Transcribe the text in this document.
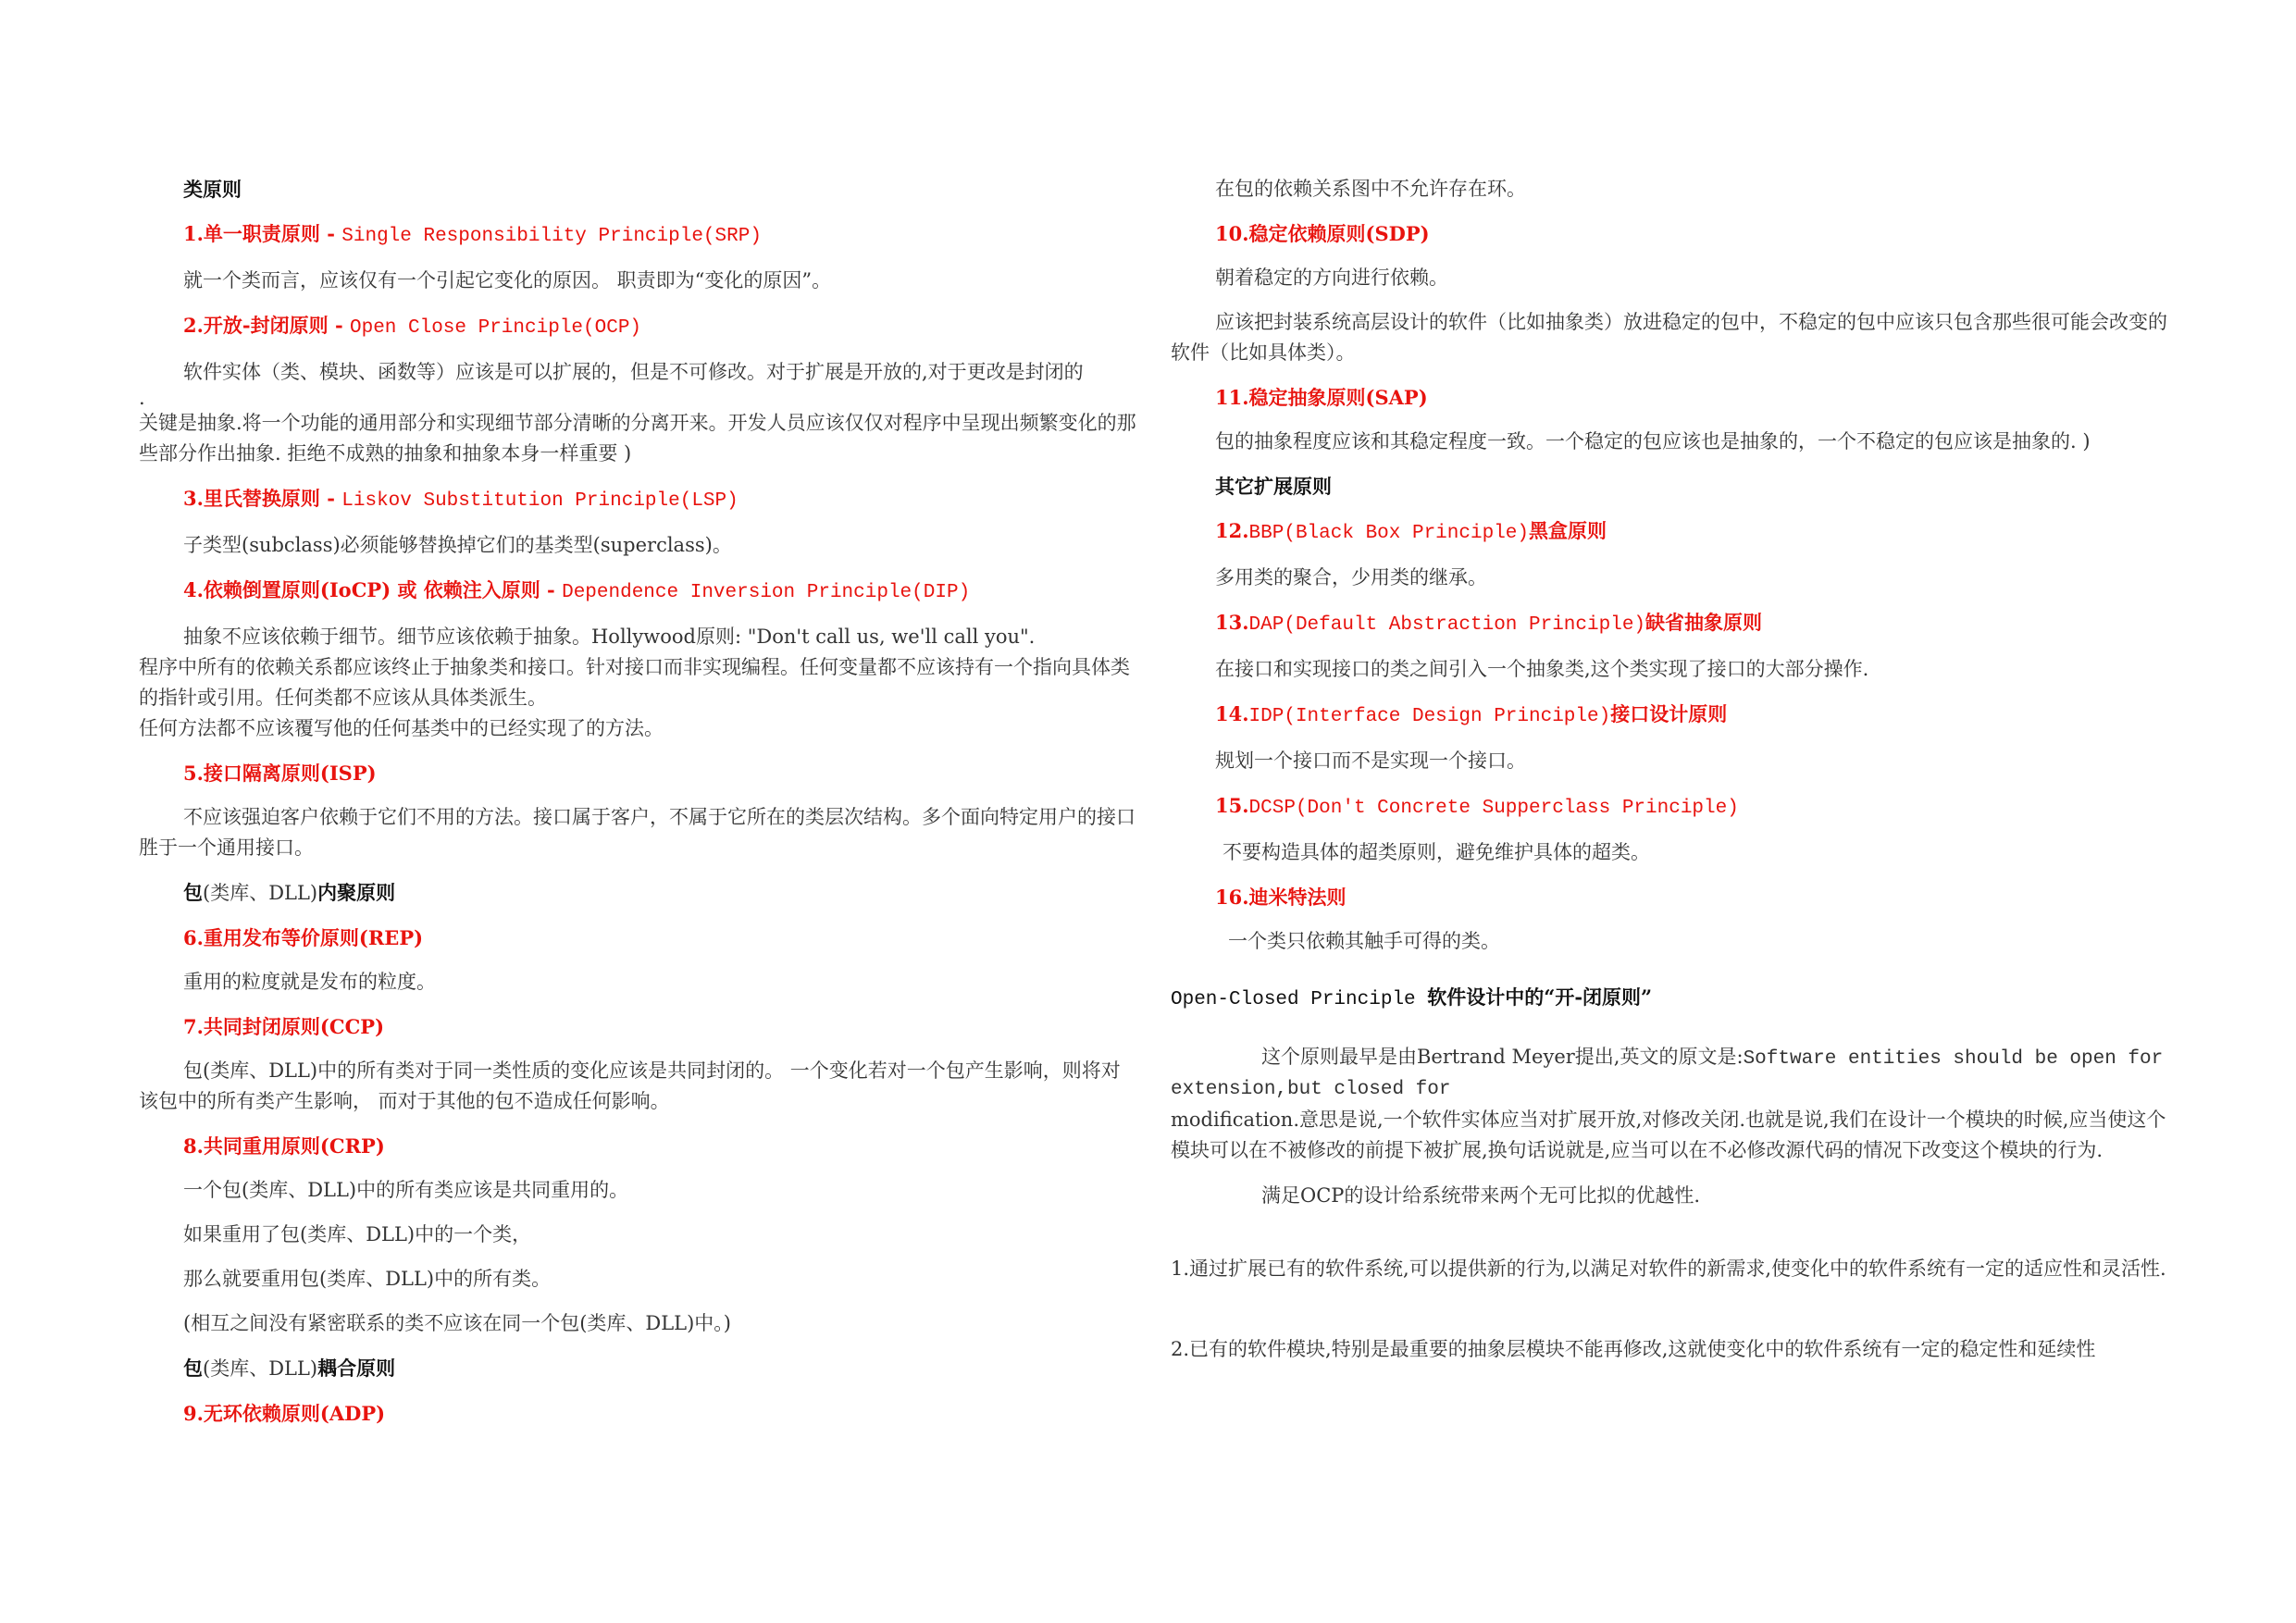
类原则

1.单一职责原则 - Single Responsibility Principle(SRP)

就一个类而言，应该仅有一个引起它变化的原因。 职责即为“变化的原因”。

2.开放-封闭原则 - Open Close Principle(OCP)

软件实体（类、模块、函数等）应该是可以扩展的，但是不可修改。对于扩展是开放的,对于更改是封闭的

.

关键是抽象.将一个功能的通用部分和实现细节部分清晰的分离开来。开发人员应该仅仅对程序中呈现出频繁变化的那些部分作出抽象. 拒绝不成熟的抽象和抽象本身一样重要 )

3.里氏替换原则 - Liskov Substitution Principle(LSP)

子类型(subclass)必须能够替换掉它们的基类型(superclass)。

4.依赖倒置原则(IoCP) 或 依赖注入原则 - Dependence Inversion Principle(DIP)

抽象不应该依赖于细节。细节应该依赖于抽象。Hollywood原则: "Don't call us, we'll call you".

程序中所有的依赖关系都应该终止于抽象类和接口。针对接口而非实现编程。任何变量都不应该持有一个指向具体类的指针或引用。任何类都不应该从具体类派生。

任何方法都不应该覆写他的任何基类中的已经实现了的方法。

5.接口隔离原则(ISP)

不应该强迫客户依赖于它们不用的方法。接口属于客户，不属于它所在的类层次结构。多个面向特定用户的接口胜于一个通用接口。

包(类库、DLL)内聚原则

6.重用发布等价原则(REP)

重用的粒度就是发布的粒度。

7.共同封闭原则(CCP)

包(类库、DLL)中的所有类对于同一类性质的变化应该是共同封闭的。 一个变化若对一个包产生影响，则将对该包中的所有类产生影响， 而对于其他的包不造成任何影响。

8.共同重用原则(CRP)

一个包(类库、DLL)中的所有类应该是共同重用的。

如果重用了包(类库、DLL)中的一个类，

那么就要重用包(类库、DLL)中的所有类。

(相互之间没有紧密联系的类不应该在同一个包(类库、DLL)中。)

包(类库、DLL)耦合原则

9.无环依赖原则(ADP)

在包的依赖关系图中不允许存在环。

10.稳定依赖原则(SDP)

朝着稳定的方向进行依赖。

应该把封装系统高层设计的软件（比如抽象类）放进稳定的包中，不稳定的包中应该只包含那些很可能会改变的软件（比如具体类）。

11.稳定抽象原则(SAP)

包的抽象程度应该和其稳定程度一致。一个稳定的包应该也是抽象的，一个不稳定的包应该是抽象的. )

其它扩展原则

12.BBP(Black Box Principle)黑盒原则

多用类的聚合，少用类的继承。

13.DAP(Default Abstraction Principle)缺省抽象原则

在接口和实现接口的类之间引入一个抽象类,这个类实现了接口的大部分操作.

14.IDP(Interface Design Principle)接口设计原则

规划一个接口而不是实现一个接口。

15.DCSP(Don't Concrete Supperclass Principle)

不要构造具体的超类原则，避免维护具体的超类。

16.迪米特法则

一个类只依赖其触手可得的类。

Open-Closed Principle 软件设计中的“开-闭原则”

这个原则最早是由Bertrand Meyer提出,英文的原文是:Software entities should be open for

extension,but closed for

modification.意思是说,一个软件实体应当对扩展开放,对修改关闭.也就是说,我们在设计一个模块的时候,应当使这个模块可以在不被修改的前提下被扩展,换句话说就是,应当可以在不必修改源代码的情况下改变这个模块的行为.

满足OCP的设计给系统带来两个无可比拟的优越性.

1.通过扩展已有的软件系统,可以提供新的行为,以满足对软件的新需求,使变化中的软件系统有一定的适应性和灵活性.

2.已有的软件模块,特别是最重要的抽象层模块不能再修改,这就使变化中的软件系统有一定的稳定性和延续性
